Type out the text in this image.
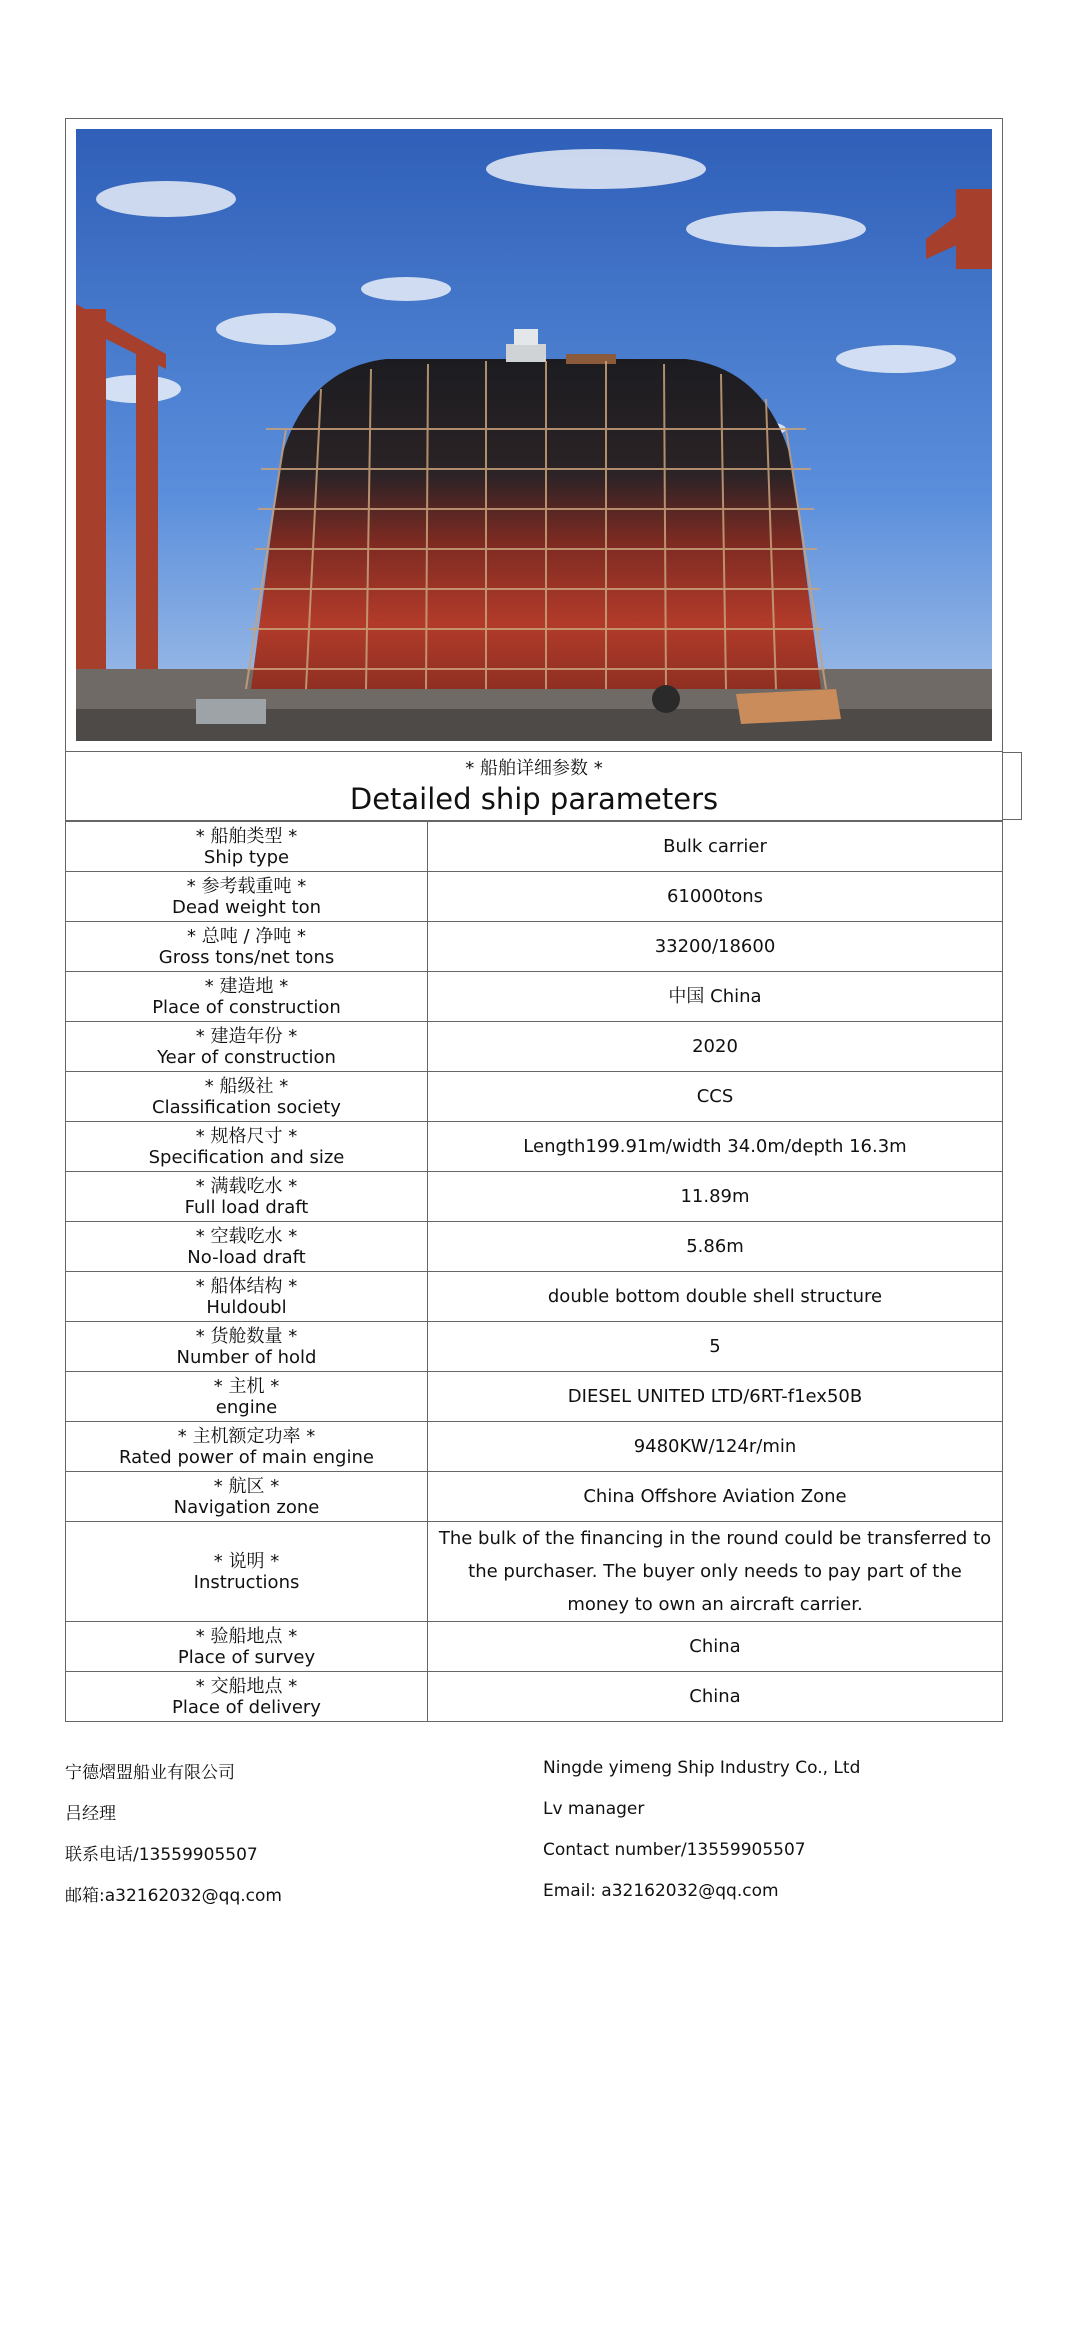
* 船舶详细参数 *
Detailed ship parameters
* 船舶类型 *
Ship type	Bulk carrier

* 参考载重吨 *
Dead weight ton	61000tons

* 总吨 / 净吨 *
Gross tons/net tons	33200/18600

* 建造地 *
Place of construction	中国 China

* 建造年份 *
Year of construction	2020

* 船级社 *
Classification society	CCS

* 规格尺寸 *
Specification and size	Length199.91m/width 34.0m/depth 16.3m

* 满载吃水 *
Full load draft	11.89m

* 空载吃水 *
No-load draft	5.86m

* 船体结构 *
Huldoubl	double bottom double shell structure

* 货舱数量 *
Number of hold	5

* 主机 *
engine	DIESEL UNITED LTD/6RT-f1ex50B

* 主机额定功率 *
Rated power of main engine	9480KW/124r/min

* 航区 *
Navigation zone	China Offshore Aviation Zone

* 说明 *
Instructions	The bulk of the financing in the round could be transferred to the purchaser. The buyer only needs to pay part of the money to own an aircraft carrier.

* 验船地点 *
Place of survey	China

* 交船地点 *
Place of delivery	China
宁德熠盟船业有限公司	Ningde yimeng Ship Industry Co., Ltd
吕经理	Lv manager
联系电话/13559905507	Contact number/13559905507
邮箱:a32162032@qq.com	Email: a32162032@qq.com
